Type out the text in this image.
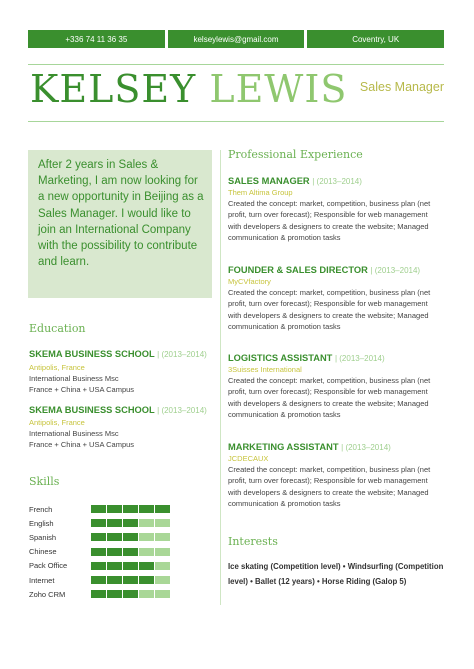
+336 74 11 36 35	kelseylewis@gmail.com	Coventry, UK
KELSEY LEWIS	Sales Manager
After 2 years in Sales & Marketing, I am now looking for a new opportunity in Beijing as a Sales Manager. I would like to join an International Company with the possibility to contribute and learn.
Education
SKEMA BUSINESS SCHOOL | (2013–2014)
Antipolis, France
International Business Msc
France + China + USA Campus
SKEMA BUSINESS SCHOOL | (2013–2014)
Antipolis, France
International Business Msc
France + China + USA Campus
Skills
French
English
Spanish
Chinese
Pack Office
Internet
Zoho CRM
Professional Experience
SALES MANAGER | (2013–2014)
Them Altima Group
Created the concept: market, competition, business plan (net profit, turn over forecast); Responsible for web management with developers & designers to create the website; Managed communication & promotion tasks
FOUNDER & SALES DIRECTOR | (2013–2014)
MyCVfactory
Created the concept: market, competition, business plan (net profit, turn over forecast); Responsible for web management with developers & designers to create the website; Managed communication & promotion tasks
LOGISTICS ASSISTANT | (2013–2014)
3Suisses International
Created the concept: market, competition, business plan (net profit, turn over forecast); Responsible for web management with developers & designers to create the website; Managed communication & promotion tasks
MARKETING ASSISTANT | (2013–2014)
JCDECAUX
Created the concept: market, competition, business plan (net profit, turn over forecast); Responsible for web management with developers & designers to create the website; Managed communication & promotion tasks
Interests
Ice skating (Competition level) • Windsurfing (Competition level) • Ballet (12 years) • Horse Riding (Galop 5)
